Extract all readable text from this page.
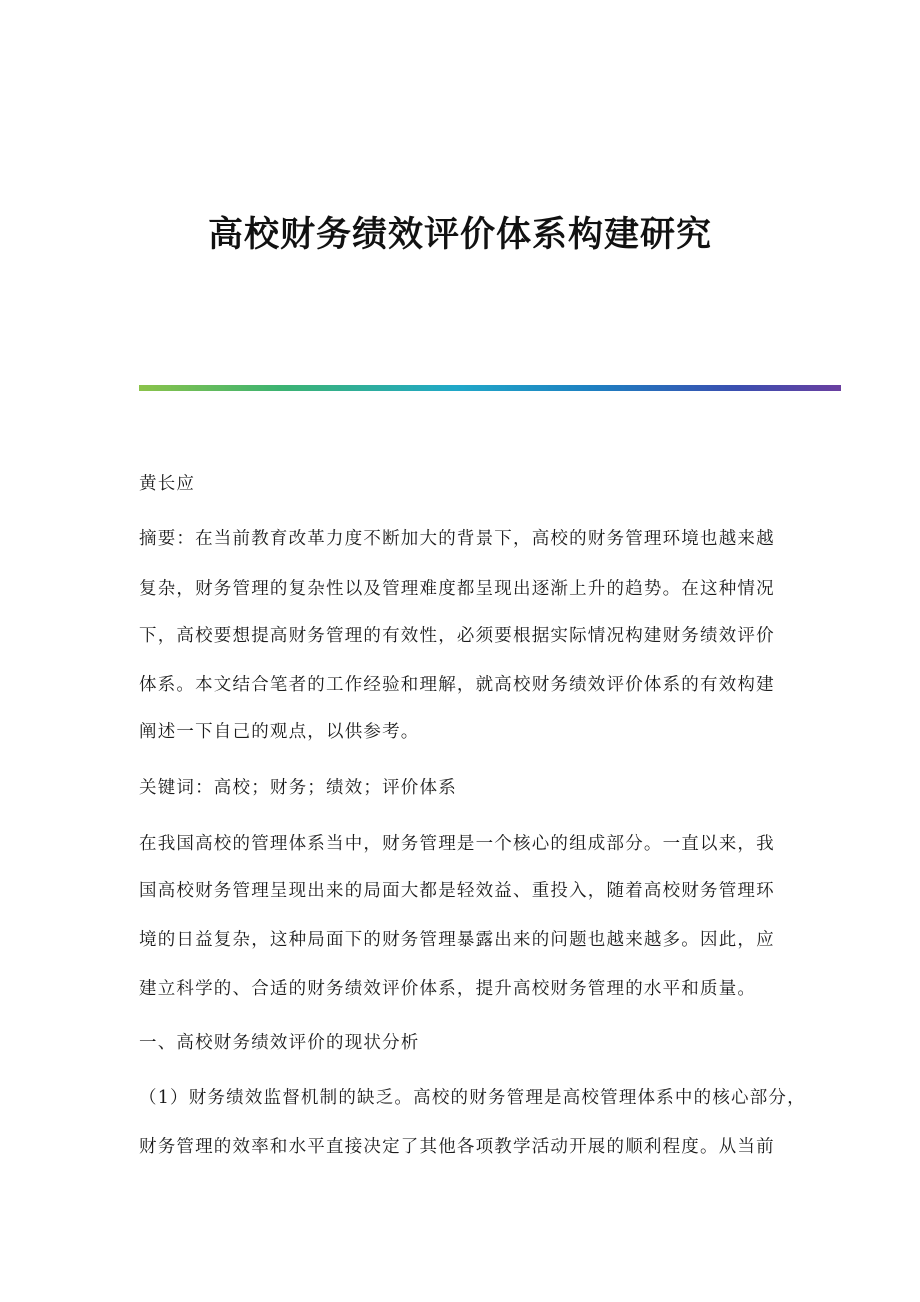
高校财务绩效评价体系构建研究
黄长应
摘要：在当前教育改革力度不断加大的背景下，高校的财务管理环境也越来越
复杂，财务管理的复杂性以及管理难度都呈现出逐渐上升的趋势。在这种情况
下，高校要想提高财务管理的有效性，必须要根据实际情况构建财务绩效评价
体系。本文结合笔者的工作经验和理解，就高校财务绩效评价体系的有效构建
阐述一下自己的观点，以供参考。
关键词：高校；财务；绩效；评价体系
在我国高校的管理体系当中，财务管理是一个核心的组成部分。一直以来，我
国高校财务管理呈现出来的局面大都是轻效益、重投入，随着高校财务管理环
境的日益复杂，这种局面下的财务管理暴露出来的问题也越来越多。因此，应
建立科学的、合适的财务绩效评价体系，提升高校财务管理的水平和质量。
一、高校财务绩效评价的现状分析
（1）财务绩效监督机制的缺乏。高校的财务管理是高校管理体系中的核心部分，
财务管理的效率和水平直接决定了其他各项教学活动开展的顺利程度。从当前
